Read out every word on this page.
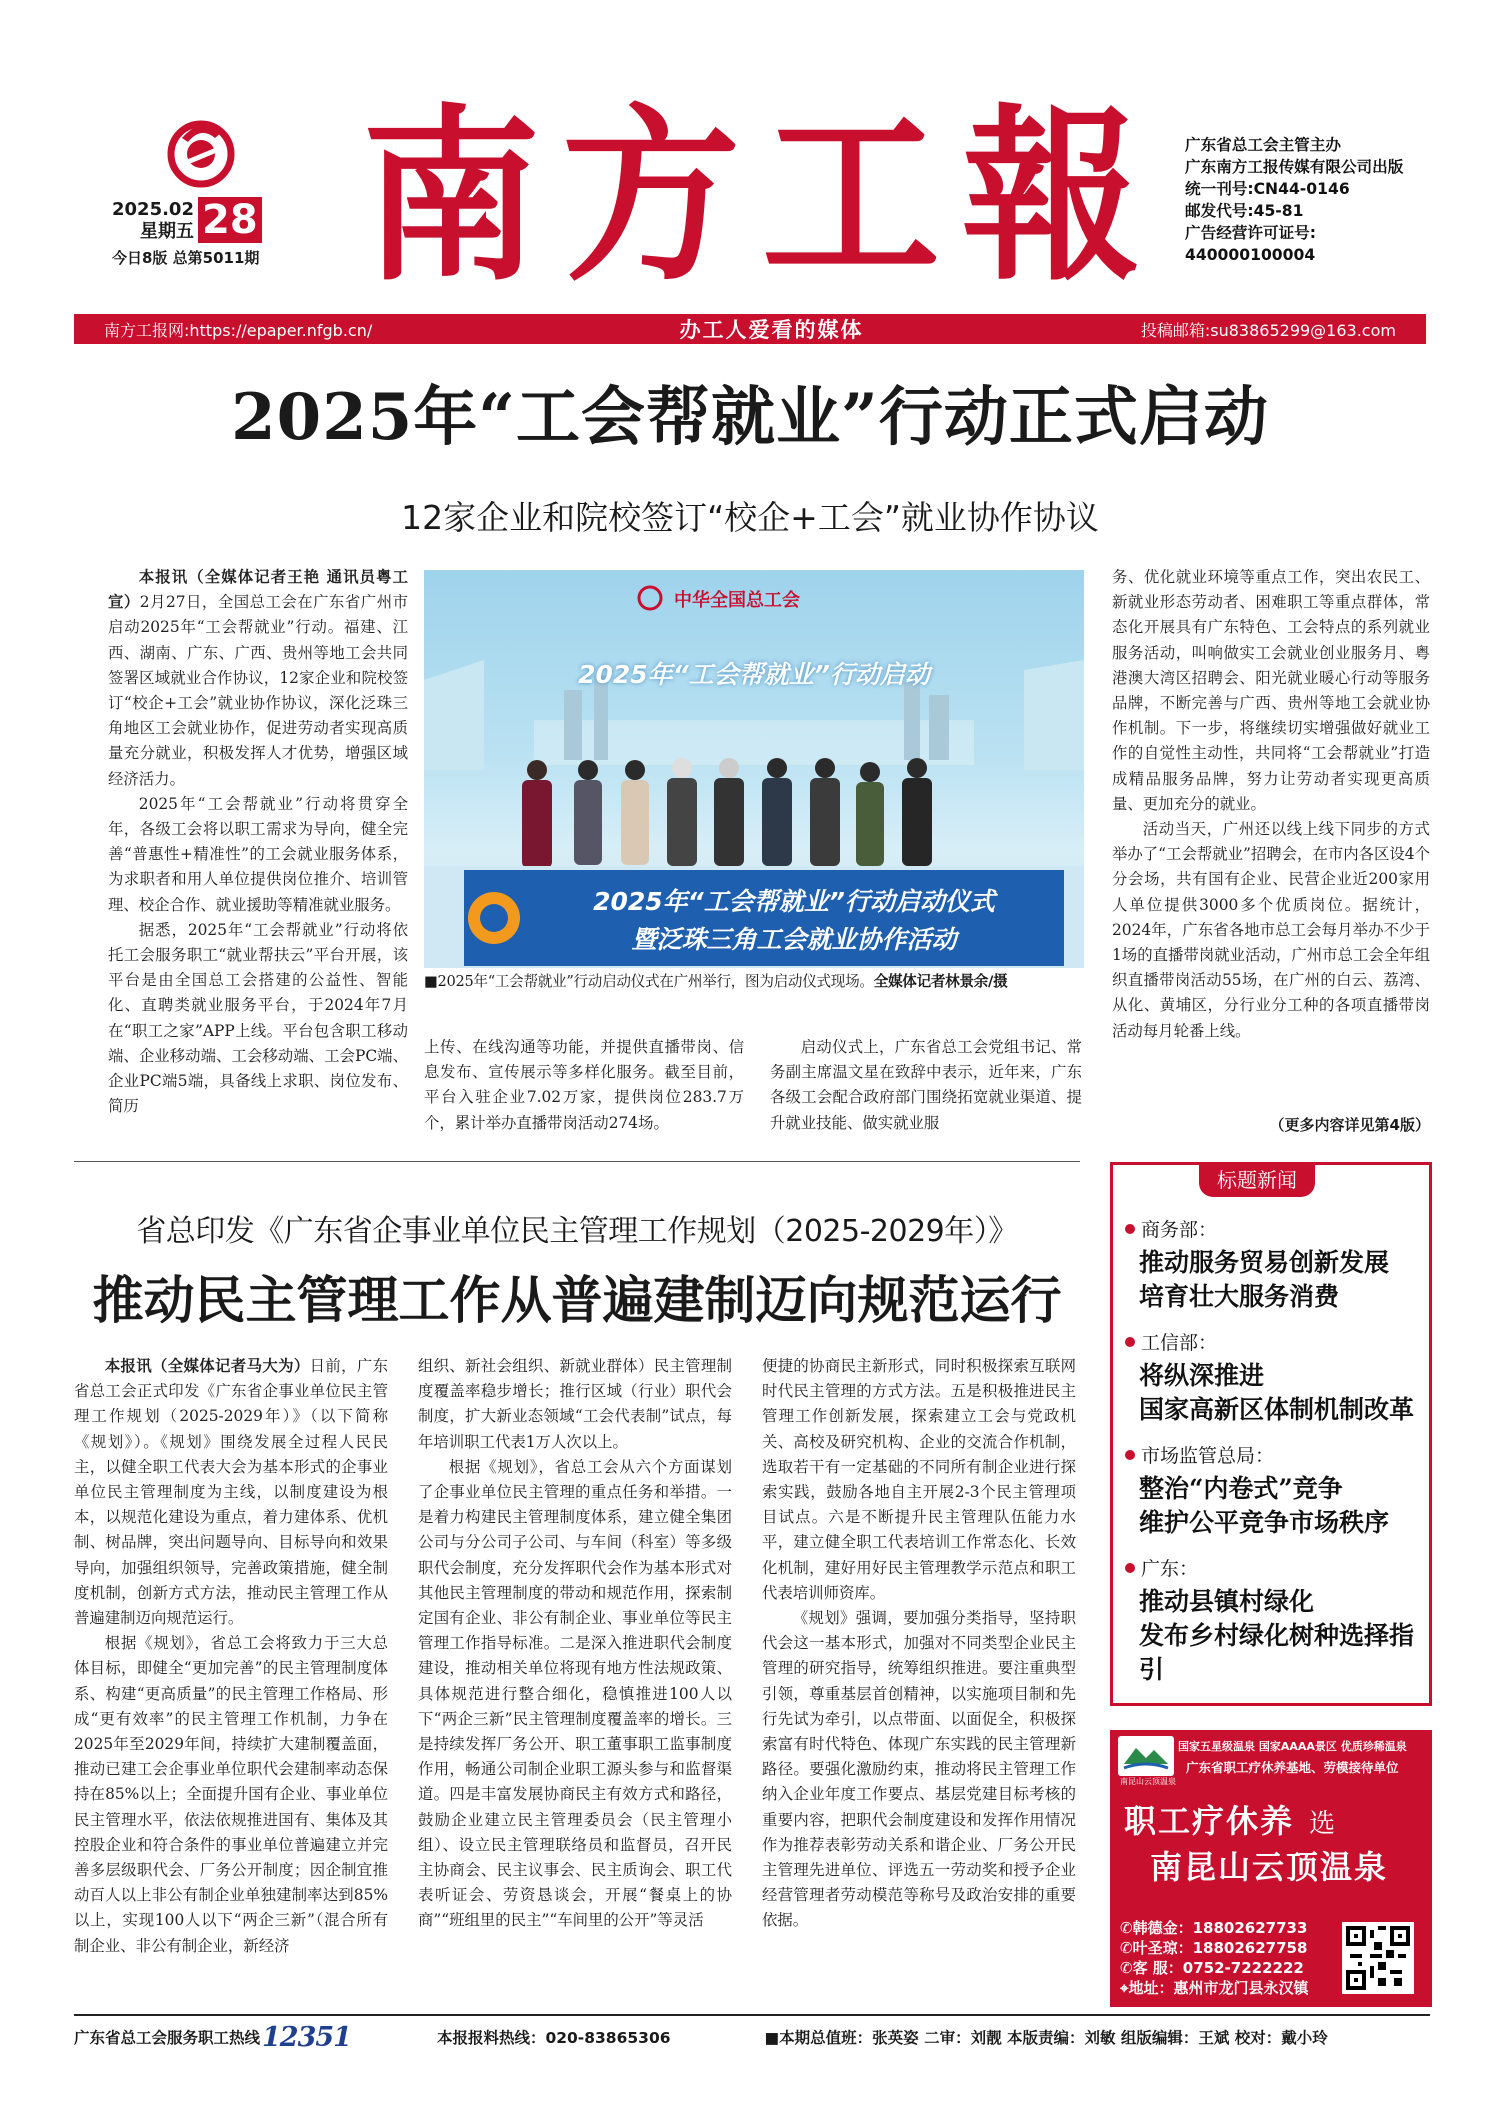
2025.02
星期五 28
今日8版 总第5011期 南方工報	广东省总工会主管主办
广东南方工报传媒有限公司出版
统一刊号:CN44-0146
邮发代号:45-81
广告经营许可证号:
440000100004
南方工报网:https://epaper.nfgb.cn/	办工人爱看的媒体	投稿邮箱:su83865299@163.com
2025年“工会帮就业”行动正式启动
12家企业和院校签订“校企+工会”就业协作协议

本报讯（全媒体记者王艳 通讯员粤工宣）2月27日，全国总工会在广东省广州市启动2025年“工会帮就业”行动。福建、江西、湖南、广东、广西、贵州等地工会共同签署区域就业合作协议，12家企业和院校签订“校企+工会”就业协作协议，深化泛珠三角地区工会就业协作，促进劳动者实现高质量充分就业，积极发挥人才优势，增强区域经济活力。

2025年“工会帮就业”行动将贯穿全年，各级工会将以职工需求为导向，健全完善“普惠性+精准性”的工会就业服务体系，为求职者和用人单位提供岗位推介、培训管理、校企合作、就业援助等精准就业服务。

据悉，2025年“工会帮就业”行动将依托工会服务职工“就业帮扶云”平台开展，该平台是由全国总工会搭建的公益性、智能化、直聘类就业服务平台，于2024年7月在“职工之家”APP上线。平台包含职工移动端、企业移动端、工会移动端、工会PC端、企业PC端5端，具备线上求职、岗位发布、简历

中华全国总工会
2025年“工会帮就业”行动启动
2025年“工会帮就业”行动启动仪式
暨泛珠三角工会就业协作活动
■2025年“工会帮就业”行动启动仪式在广州举行，图为启动仪式现场。全媒体记者林景余/摄

上传、在线沟通等功能，并提供直播带岗、信息发布、宣传展示等多样化服务。截至目前，平台入驻企业7.02万家，提供岗位283.7万个，累计举办直播带岗活动274场。

启动仪式上，广东省总工会党组书记、常务副主席温文星在致辞中表示，近年来，广东各级工会配合政府部门围绕拓宽就业渠道、提升就业技能、做实就业服

务、优化就业环境等重点工作，突出农民工、新就业形态劳动者、困难职工等重点群体，常态化开展具有广东特色、工会特点的系列就业服务活动，叫响做实工会就业创业服务月、粤港澳大湾区招聘会、阳光就业暖心行动等服务品牌，不断完善与广西、贵州等地工会就业协作机制。下一步，将继续切实增强做好就业工作的自觉性主动性，共同将“工会帮就业”打造成精品服务品牌，努力让劳动者实现更高质量、更加充分的就业。

活动当天，广州还以线上线下同步的方式举办了“工会帮就业”招聘会，在市内各区设4个分会场，共有国有企业、民营企业近200家用人单位提供3000多个优质岗位。据统计，2024年，广东省各地市总工会每月举办不少于1场的直播带岗就业活动，广州市总工会全年组织直播带岗活动55场，在广州的白云、荔湾、从化、黄埔区，分行业分工种的各项直播带岗活动每月轮番上线。

（更多内容详见第4版）
省总印发《广东省企事业单位民主管理工作规划（2025-2029年）》
推动民主管理工作从普遍建制迈向规范运行

本报讯（全媒体记者马大为）日前，广东省总工会正式印发《广东省企事业单位民主管理工作规划（2025-2029年）》（以下简称《规划》）。《规划》围绕发展全过程人民民主，以健全职工代表大会为基本形式的企事业单位民主管理制度为主线，以制度建设为根本，以规范化建设为重点，着力建体系、优机制、树品牌，突出问题导向、目标导向和效果导向，加强组织领导，完善政策措施，健全制度机制，创新方式方法，推动民主管理工作从普遍建制迈向规范运行。

根据《规划》，省总工会将致力于三大总体目标，即健全“更加完善”的民主管理制度体系、构建“更高质量”的民主管理工作格局、形成“更有效率”的民主管理工作机制，力争在2025年至2029年间，持续扩大建制覆盖面，推动已建工会企事业单位职代会建制率动态保持在85%以上；全面提升国有企业、事业单位民主管理水平，依法依规推进国有、集体及其控股企业和符合条件的事业单位普遍建立并完善多层级职代会、厂务公开制度；因企制宜推动百人以上非公有制企业单独建制率达到85%以上，实现100人以下“两企三新”（混合所有制企业、非公有制企业，新经济

组织、新社会组织、新就业群体）民主管理制度覆盖率稳步增长；推行区域（行业）职代会制度，扩大新业态领域“工会代表制”试点，每年培训职工代表1万人次以上。

根据《规划》，省总工会从六个方面谋划了企事业单位民主管理的重点任务和举措。一是着力构建民主管理制度体系，建立健全集团公司与分公司子公司、与车间（科室）等多级职代会制度，充分发挥职代会作为基本形式对其他民主管理制度的带动和规范作用，探索制定国有企业、非公有制企业、事业单位等民主管理工作指导标准。二是深入推进职代会制度建设，推动相关单位将现有地方性法规政策、具体规范进行整合细化，稳慎推进100人以下“两企三新”民主管理制度覆盖率的增长。三是持续发挥厂务公开、职工董事职工监事制度作用，畅通公司制企业职工源头参与和监督渠道。四是丰富发展协商民主有效方式和路径，鼓励企业建立民主管理委员会（民主管理小组）、设立民主管理联络员和监督员，召开民主协商会、民主议事会、民主质询会、职工代表听证会、劳资恳谈会，开展“餐桌上的协商”“班组里的民主”“车间里的公开”等灵活

便捷的协商民主新形式，同时积极探索互联网时代民主管理的方式方法。五是积极推进民主管理工作创新发展，探索建立工会与党政机关、高校及研究机构、企业的交流合作机制，选取若干有一定基础的不同所有制企业进行探索实践，鼓励各地自主开展2-3个民主管理项目试点。六是不断提升民主管理队伍能力水平，建立健全职工代表培训工作常态化、长效化机制，建好用好民主管理教学示范点和职工代表培训师资库。

《规划》强调，要加强分类指导，坚持职代会这一基本形式，加强对不同类型企业民主管理的研究指导，统筹组织推进。要注重典型引领，尊重基层首创精神，以实施项目制和先行先试为牵引，以点带面、以面促全，积极探索富有时代特色、体现广东实践的民主管理新路径。要强化激励约束，推动将民主管理工作纳入企业年度工作要点、基层党建目标考核的重要内容，把职代会制度建设和发挥作用情况作为推荐表彰劳动关系和谐企业、厂务公开民主管理先进单位、评选五一劳动奖和授予企业经营管理者劳动模范等称号及政治安排的重要依据。

标题新闻
商务部：
推动服务贸易创新发展
培育壮大服务消费
工信部：
将纵深推进
国家高新区体制机制改革
市场监管总局：
整治“内卷式”竞争
维护公平竞争市场秩序
广东：
推动县镇村绿化
发布乡村绿化树种选择指引
国家五星级温泉 国家AAAA景区 优质珍稀温泉
南昆山云顶温泉
广东省职工疗休养基地、劳模接待单位
职工疗休养 选
南昆山云顶温泉
✆韩德金：18802627733
✆叶圣琼：18802627758
✆客 服：0752-7222222
⌖地址：惠州市龙门县永汉镇
广东省总工会服务职工热线 12351	本报报料热线：020-83865306	■本期总值班：张英姿 二审：刘靓 本版责编：刘敏 组版编辑：王斌 校对：戴小玲
